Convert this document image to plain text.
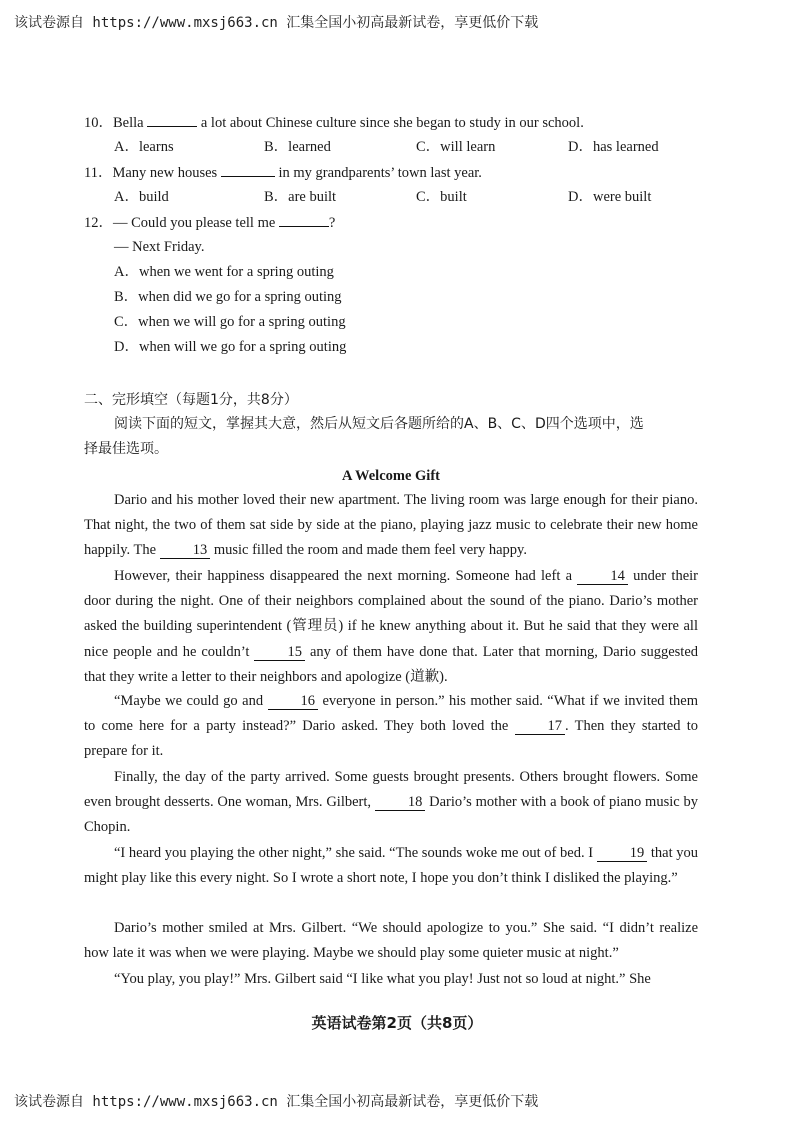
该试卷源自 https://www.mxsj663.cn 汇集全国小初高最新试卷，享更低价下载
10．Bella	a lot about Chinese culture since she began to study in our school.
A．learns	B．learned	C．will learn	D．has learned
11．Many new houses	in my grandparents’ town last year.
A．build	B．are built	C．built	D．were built
12．— Could you please tell me	?
— Next Friday.
A．when we went for a spring outing
B．when did we go for a spring outing
C．when we will go for a spring outing
D．when will we go for a spring outing
二、完形填空（每题1分，共8分）
阅读下面的短文，掌握其大意，然后从短文后各题所给的A、B、C、D四个选项中，选
择最佳选项。
A Welcome Gift
Dario and his mother loved their new apartment. The living room was large enough for their piano. That night, the two of them sat side by side at the piano, playing jazz music to celebrate their new home happily. The	13 music filled the room and made them feel very happy.
However, their happiness disappeared the next morning. Someone had left a	14 under their door during the night. One of their neighbors complained about the sound of the piano. Dario’s mother asked the building superintendent (管理员) if he knew anything about it. But he said that they were all nice people and he couldn’t	15 any of them have done that. Later that morning, Dario suggested that they write a letter to their neighbors and apologize (道歉).
“Maybe we could go and	16 everyone in person.” his mother said. “What if we invited them to come here for a party instead?” Dario asked. They both loved the	17 . Then they started to prepare for it.
Finally, the day of the party arrived. Some guests brought presents. Others brought flowers. Some even brought desserts. One woman, Mrs. Gilbert,	18 Dario’s mother with a book of piano music by Chopin.
“I heard you playing the other night,” she said. “The sounds woke me out of bed. I	19 that you might play like this every night. So I wrote a short note, I hope you don’t think I disliked the playing.”
Dario’s mother smiled at Mrs. Gilbert. “We should apologize to you.” She said. “I didn’t realize how late it was when we were playing. Maybe we should play some quieter music at night.”
“You play, you play!” Mrs. Gilbert said “I like what you play! Just not so loud at night.” She
英语试卷第2页（共8页）
该试卷源自 https://www.mxsj663.cn 汇集全国小初高最新试卷，享更低价下载
